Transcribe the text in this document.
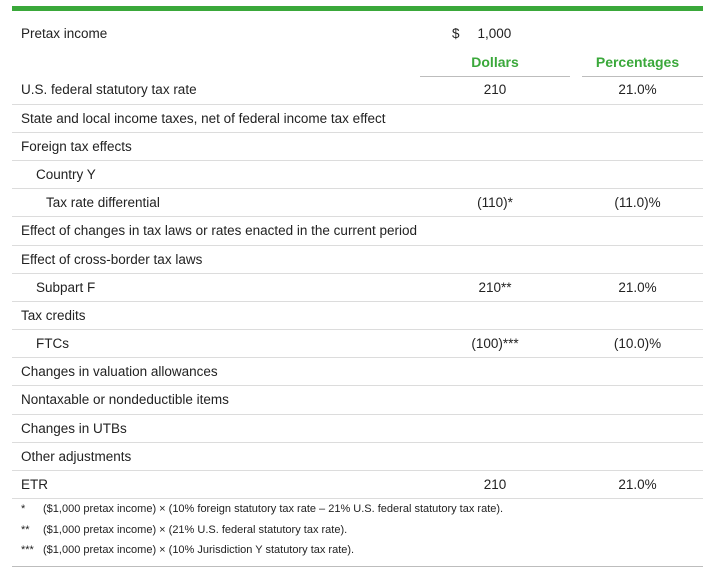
Pretax income	$ 1,000
Dollars	Percentages
U.S. federal statutory tax rate	210	21.0%
State and local income taxes, net of federal income tax effect
Foreign tax effects
Country Y
Tax rate differential	(110)*	(11.0)%
Effect of changes in tax laws or rates enacted in the current period
Effect of cross-border tax laws
Subpart F	210**	21.0%
Tax credits
FTCs	(100)***	(10.0)%
Changes in valuation allowances
Nontaxable or nondeductible items
Changes in UTBs
Other adjustments
ETR	210	21.0%
* ($1,000 pretax income) × (10% foreign statutory tax rate – 21% U.S. federal statutory tax rate).
** ($1,000 pretax income) × (21% U.S. federal statutory tax rate).
*** ($1,000 pretax income) × (10% Jurisdiction Y statutory tax rate).
